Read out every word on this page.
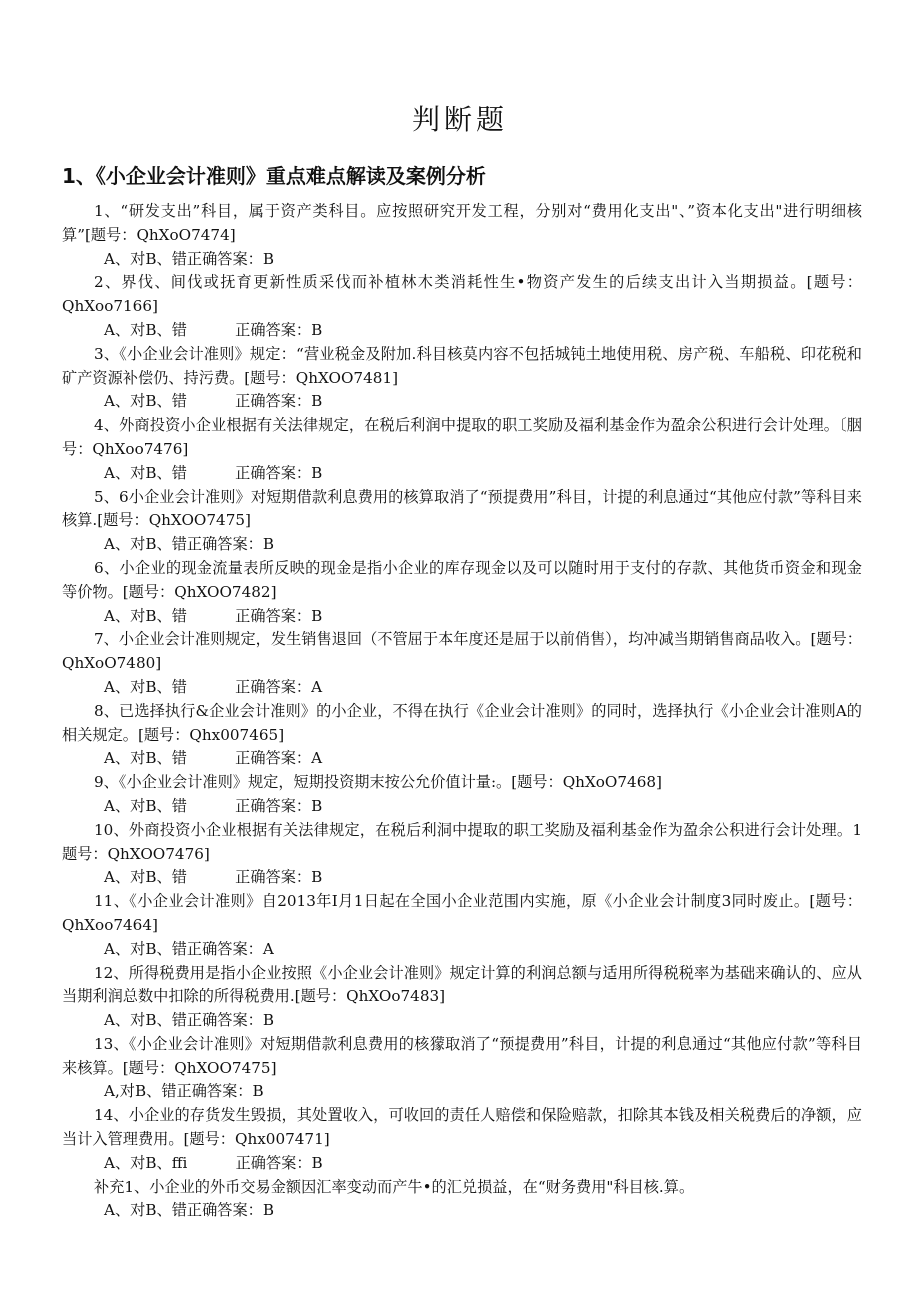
判断题
1、《小企业会计准则》重点难点解读及案例分析

1、“研发支出”科目，属于资产类科目。应按照研究开发工程，分别对“费用化支出"、”资本化支出"进行明细核算”[题号：QhXoO7474]

A、对B、错正确答案：B

2、界伐、间伐或抚育更新性质采伐而补植林木类消耗性生•物资产发生的后续支出计入当期损益。[题号：QhXoo7166]

A、对B、错          正确答案：B

3、《小企业会计准则》规定：“营业税金及附加.科目核莫内容不包括城钝土地使用税、房产税、车船税、印花税和矿产资源补偿仍、持污费。[题号：QhXOO7481]

A、对B、错          正确答案：B

4、外商投资小企业根据有关法律规定，在税后利润中提取的职工奖励及福利基金作为盈余公积进行会计处理。〔胭号：QhXoo7476]

A、对B、错          正确答案：B

5、6小企业会计准则》对短期借款利息费用的核算取消了“预提费用”科目，计提的利息通过“其他应付款”等科目来核算.[题号：QhXOO7475]

A、对B、错正确答案：B

6、小企业的现金流量表所反映的现金是指小企业的库存现金以及可以随时用于支付的存款、其他货币资金和现金等价物。[题号：QhXOO7482]

A、对B、错          正确答案：B

7、小企业会计准则规定，发生销售退回（不管屈于本年度还是屈于以前俏售），均冲减当期销售商品收入。[题号：QhXoO7480]

A、对B、错          正确答案：A

8、已选择执行&企业会计准则》的小企业，不得在执行《企业会计准则》的同时，选择执行《小企业会计准则A的相关规定。[题号：Qhx007465]

A、对B、错          正确答案：A

9、《小企业会计准则》规定，短期投资期末按公允价值计量:。[题号：QhXoO7468]

A、对B、错          正确答案：B

10、外商投资小企业根据有关法律规定，在税后利洞中提取的职工奖励及福利基金作为盈余公积进行会计处理。1题号：QhXOO7476]

A、对B、错          正确答案：B

11、《小企业会计准则》自2013年I月1日起在全国小企业范围内实施，原《小企业会计制度3同时废止。[题号：QhXoo7464]

A、对B、错正确答案：A

12、所得税费用是指小企业按照《小企业会计准则》规定计算的利润总额与适用所得税税率为基础来确认的、应从当期利润总数中扣除的所得税费用.[题号：QhXOo7483]

A、对B、错正确答案：B

13、《小企业会计准则》对短期借款利息费用的核獴取消了“预提费用”科目，计提的利息通过“其他应付款”等科目来核算。[题号：QhXOO7475]

A,对B、错正确答案：B

14、小企业的存货发生毁损，其处置收入，可收回的责任人赔偿和保险赔款，扣除其本钱及相关税费后的净额，应当计入管理费用。[题号：Qhx007471]

A、对B、ffi          正确答案：B

补充1、小企业的外币交易金额因汇率变动而产牛•的汇兑损益，在“财务费用"科目核.算。

A、对B、错正确答案：B
